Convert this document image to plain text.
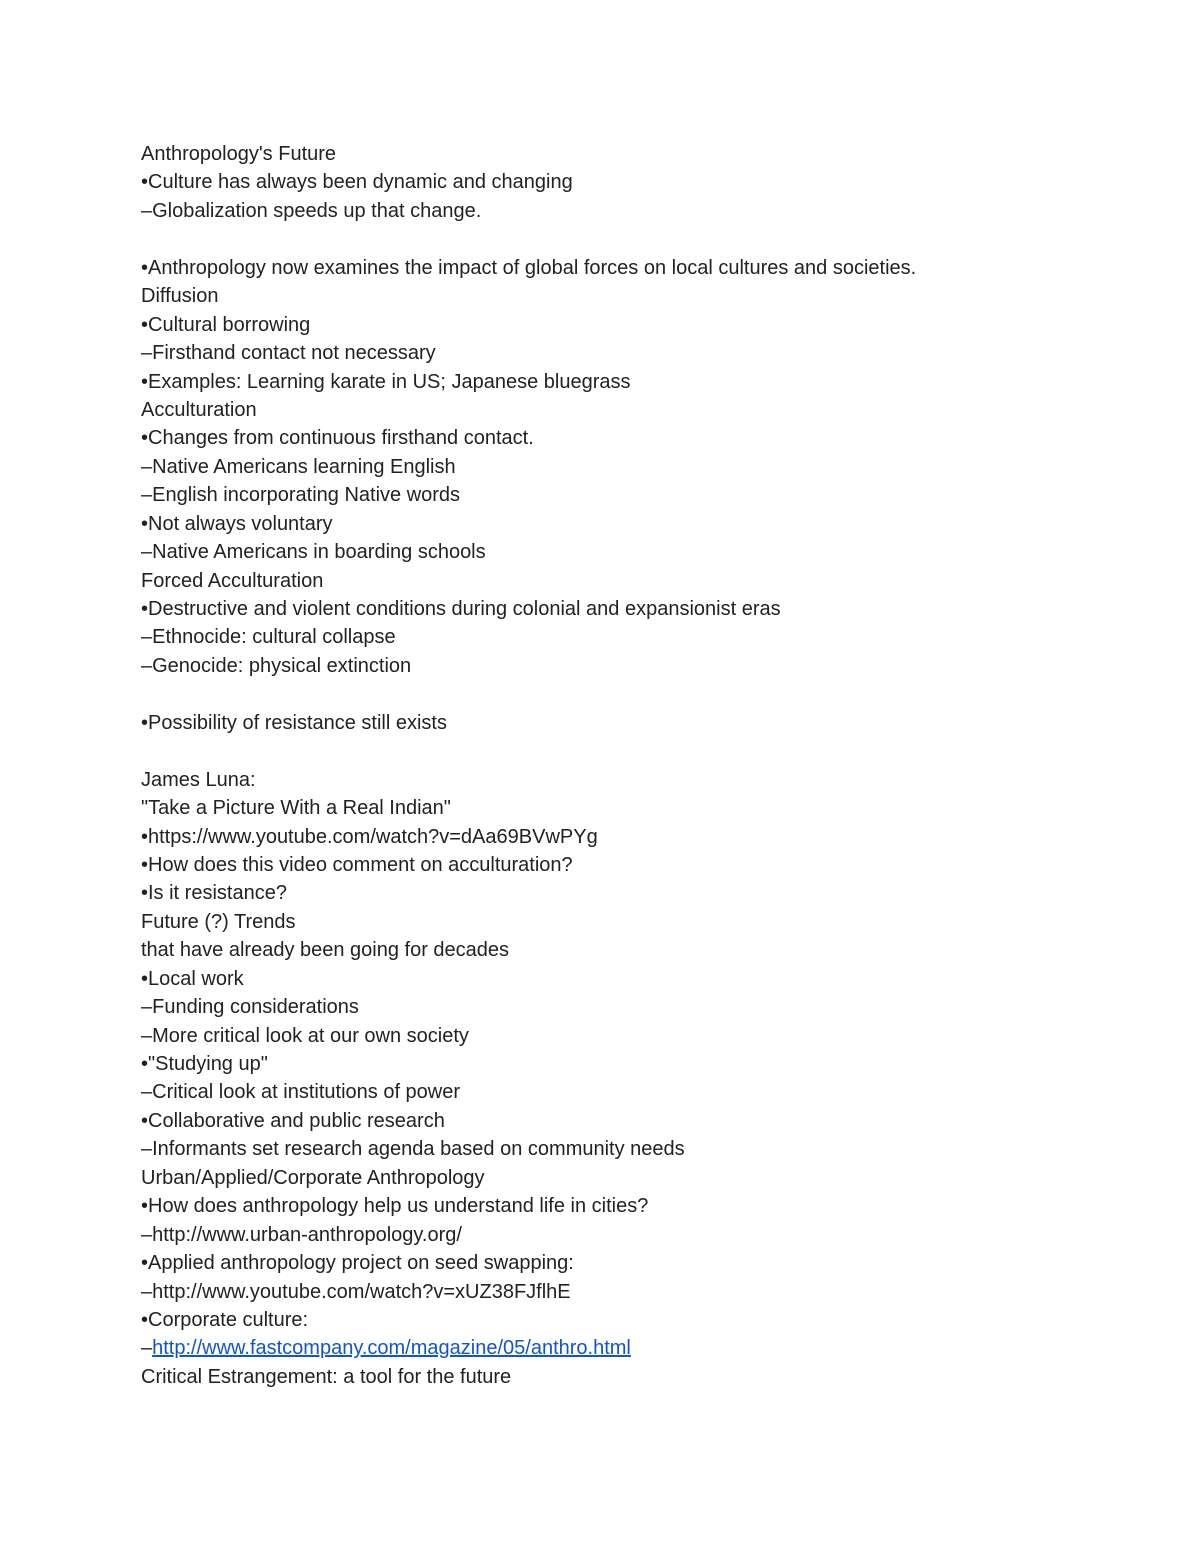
Anthropology's Future
•Culture has always been dynamic and changing
–Globalization speeds up that change.
•Anthropology now examines the impact of global forces on local cultures and societies.
Diffusion
•Cultural borrowing
–Firsthand contact not necessary
•Examples: Learning karate in US; Japanese bluegrass
Acculturation
•Changes from continuous firsthand contact.
–Native Americans learning English
–English incorporating Native words
•Not always voluntary
–Native Americans in boarding schools
Forced Acculturation
•Destructive and violent conditions during colonial and expansionist eras
–Ethnocide: cultural collapse
–Genocide: physical extinction
•Possibility of resistance still exists
James Luna:
"Take a Picture With a Real Indian"
•https://www.youtube.com/watch?v=dAa69BVwPYg
•How does this video comment on acculturation?
•Is it resistance?
Future (?) Trends
that have already been going for decades
•Local work
–Funding considerations
–More critical look at our own society
•"Studying up"
–Critical look at institutions of power
•Collaborative and public research
–Informants set research agenda based on community needs
Urban/Applied/Corporate Anthropology
•How does anthropology help us understand life in cities?
–http://www.urban-anthropology.org/
•Applied anthropology project on seed swapping:
–http://www.youtube.com/watch?v=xUZ38FJflhE
•Corporate culture:
–http://www.fastcompany.com/magazine/05/anthro.html
Critical Estrangement: a tool for the future
